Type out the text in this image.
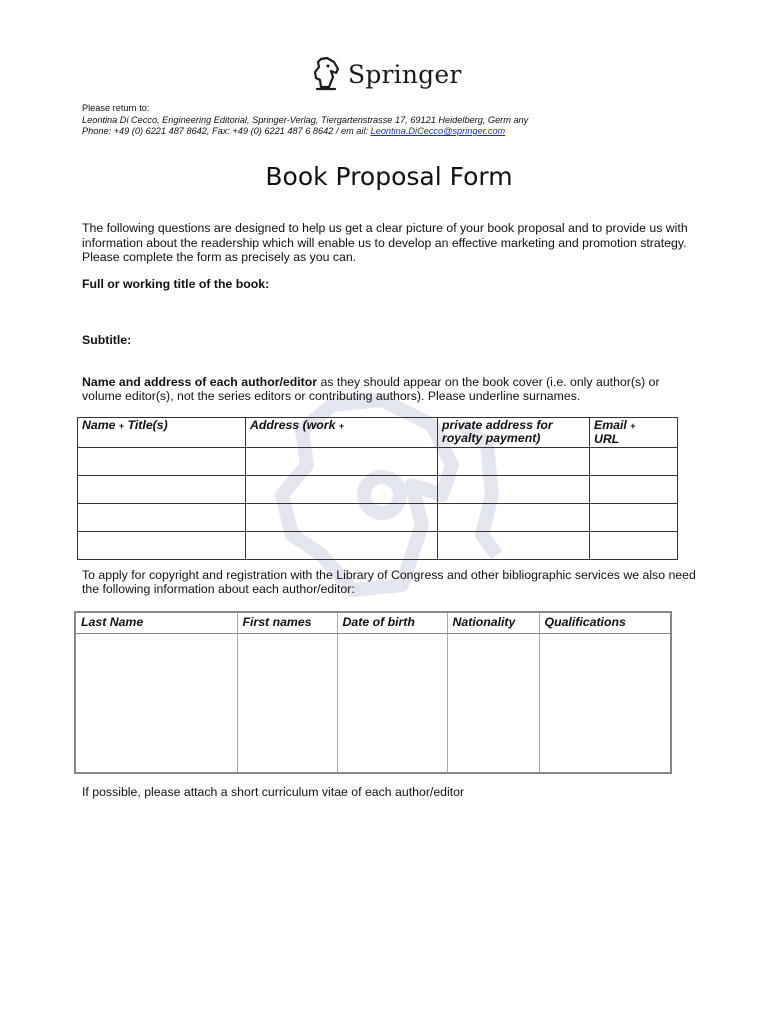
Springer
Please return to:
Leontina Di Cecco, Engineering Editorial, Springer-Verlag, Tiergartenstrasse 17, 69121 Heidelberg, Germ any
Phone: +49 (0) 6221 487 8642, Fax: +49 (0) 6221 487 6 8642 / em ail: Leontina.DiCecco@springer.com
Book Proposal Form
The following questions are designed to help us get a clear picture of your book proposal and to provide us with information about the readership which will enable us to develop an effective marketing and promotion strategy. Please complete the form as precisely as you can.
Full or working title of the book:
Subtitle:
Name and address of each author/editor as they should appear on the book cover (i.e. only author(s) or volume editor(s), not the series editors or contributing authors). Please underline surnames.
Name + Title(s)	Address (work +	private address for royalty payment)	Email +
URL

To apply for copyright and registration with the Library of Congress and other bibliographic services we also need the following information about each author/editor:
Last Name	First names	Date of birth	Nationality	Qualifications

If possible, please attach a short curriculum vitae of each author/editor
